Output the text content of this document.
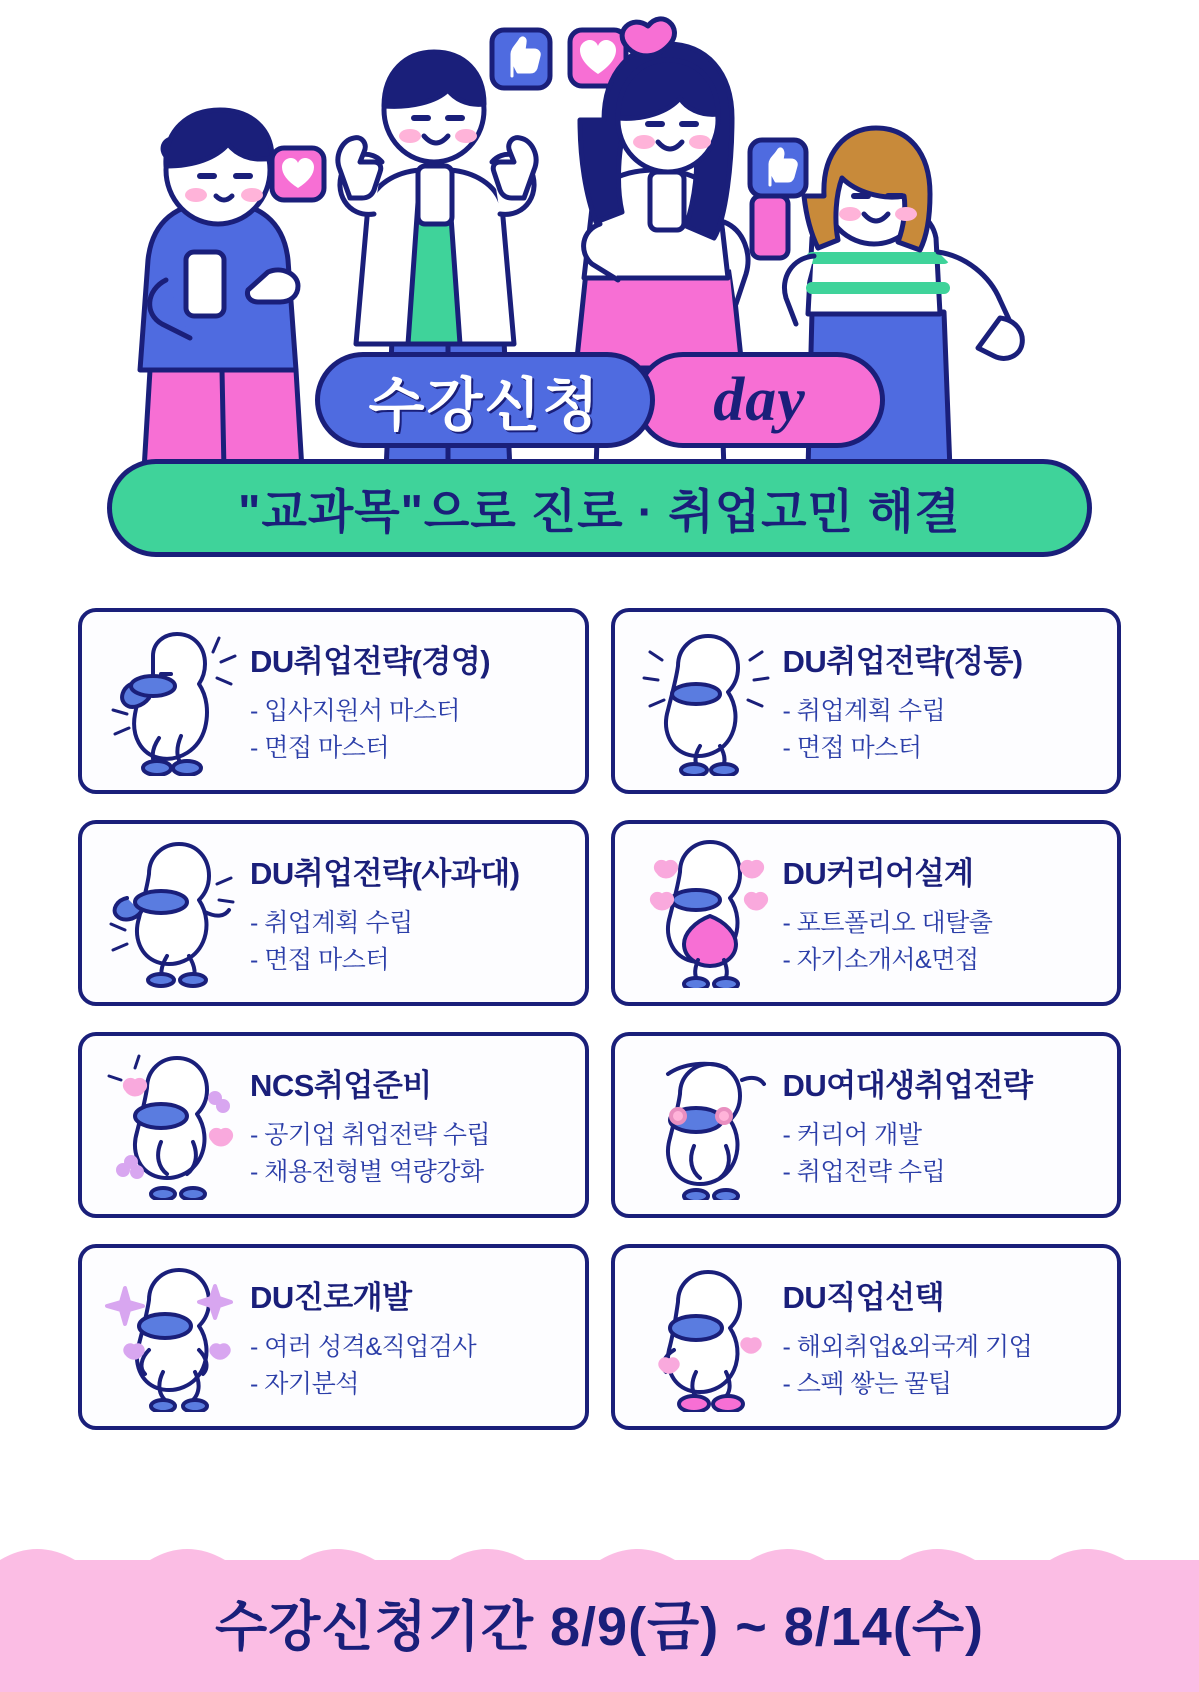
수강신청 day
"교과목"으로 진로 · 취업고민 해결
DU취업전략(경영)
- 입사지원서 마스터
- 면접 마스터
DU취업전략(정통)
- 취업계획 수립
- 면접 마스터
DU취업전략(사과대)
- 취업계획 수립
- 면접 마스터
DU커리어설계
- 포트폴리오 대탈출
- 자기소개서&면접
NCS취업준비
- 공기업 취업전략 수립
- 채용전형별 역량강화
DU여대생취업전략
- 커리어 개발
- 취업전략 수립
DU진로개발
- 여러 성격&직업검사
- 자기분석
DU직업선택
- 해외취업&외국계 기업
- 스펙 쌓는 꿀팁
수강신청기간 8/9(금) ~ 8/14(수)
